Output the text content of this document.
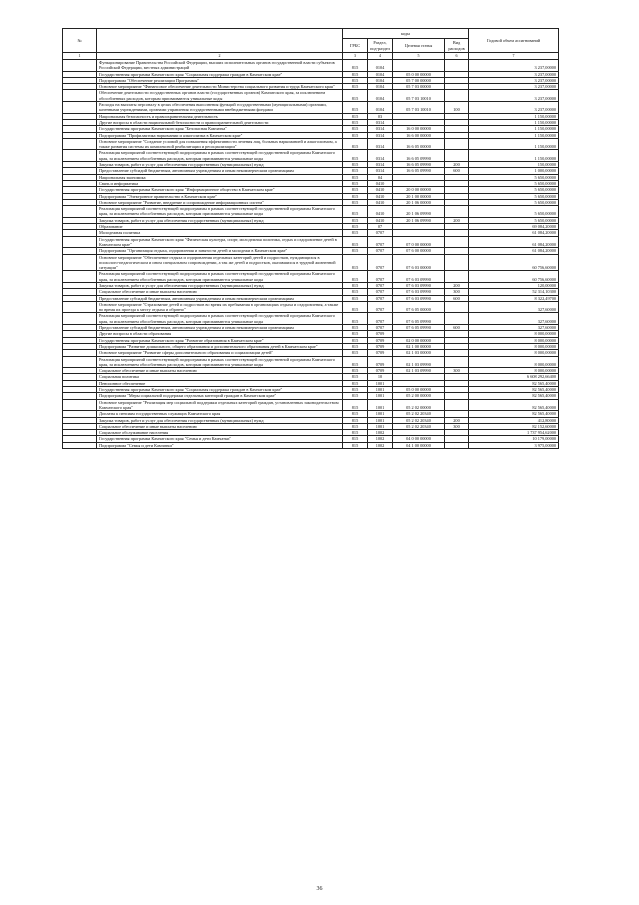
№		коды				Годовой объем ассигнований
		ГРБС	Раздел, под-раздел	Целевая статья	Вид расходов	
1	2	3	4	5	6	7
	Функционирование Правительства Российской Федерации, высших исполнительных органов государственной власти субъектов Российской Федерации, местных администраций	815	0104			3 237,00000
	Государственная программа Камчатского края "Социальная поддержка граждан в Камчатском крае"	815	0104	05 0 00 00000		3 237,00000
	Подпрограмма "Обеспечение реализации Программы"	815	0104	05 7 00 00000		3 237,00000
	Основное мероприятие "Финансовое обеспечение деятельности Министерства социального развития и труда Камчатского края"	815	0104	05 7 03 00000		3 237,00000
	Обеспечение деятельности государственных органов власти (государственных органов) Камчатского края, за исключением обособленных расходов, которым присваиваются уникальные коды	815	0104	05 7 03 10010		3 237,00000
	Расходы на выплаты персоналу в целях обеспечения выполнения функций государственными (муниципальными) органами, казенными учреждениями, органами управления государственными внебюджетными фондами	815	0104	05 7 03 10010	100	3 237,00000
	Национальная безопасность и правоохранительная деятельность	815	03			1 150,00000
	Другие вопросы в области национальной безопасности и правоохранительной деятельности	815	0314			1 150,00000
	Государственная программа Камчатского края "Безопасная Камчатка"	815	0314	16 0 00 00000		1 150,00000
	Подпрограмма "Профилактика наркомании и алкоголизма в Камчатском крае"	815	0314	16 6 00 00000		1 150,00000
	Основное мероприятие "Создание условий для повышения эффективности лечения лиц, больных наркоманией и алкоголизмом, а также развития системы их комплексной реабилитации и ресоциализации"	815	0314	16 6 05 00000		1 150,00000
	Реализация мероприятий соответствующей подпрограммы в рамках соответствующей государственной программы Камчатского края, за исключением обособленных расходов, которым присваиваются уникальные коды	815	0314	16 6 05 09990		1 150,00000
	Закупка товаров, работ и услуг для обеспечения государственных (муниципальных) нужд	815	0314	16 6 05 09990	200	150,00000
	Предоставление субсидий бюджетным, автономным учреждениям и иным некоммерческим организациям	815	0314	16 6 05 09990	600	1 000,00000
	Национальная экономика	815	04			5 650,00000
	Связь и информатика	815	0410			5 650,00000
	Государственная программа Камчатского края "Информационное общество в Камчатском крае"	815	0410	20 0 00 00000		5 650,00000
	Подпрограмма "Электронное правительство в Камчатском крае"	815	0410	20 1 00 00000		5 650,00000
	Основное мероприятие "Развитие, внедрение и сопровождение информационных систем"	815	0410	20 1 06 00000		5 650,00000
	Реализация мероприятий соответствующей подпрограммы в рамках соответствующей государственной программы Камчатского края, за исключением обособленных расходов, которым присваиваются уникальные коды	815	0410	20 1 06 09990		5 650,00000
	Закупка товаров, работ и услуг для обеспечения государственных (муниципальных) нужд	815	0410	20 1 06 09990	200	5 650,00000
	Образование	815	07			69 084,20000
	Молодежная политика	815	0707			61 084,20000
	Государственная программа Камчатского края "Физическая культура, спорт, молодежная политика, отдых и оздоровление детей в Камчатском крае"	815	0707	07 0 00 00000		61 084,20000
	Подпрограмма "Организация отдыха, оздоровления и занятости детей и молодежи в Камчатском крае"	815	0707	07 6 00 00000		61 084,20000
	Основное мероприятие "Обеспечение отдыха и оздоровления отдельных категорий детей и подростков, нуждающихся в психолого-педагогическом и ином специальном сопровождении, а так же детей и подростков, оказавшихся в трудной жизненной ситуации"	815	0707	07 6 03 00000		60 756,60000
	Реализация мероприятий соответствующей подпрограммы в рамках соответствующей государственной программы Камчатского края, за исключением обособленных расходов, которым присваиваются уникальные коды	815	0707	07 6 03 09990		60 756,60000
	Закупка товаров, работ и услуг для обеспечения государственных (муниципальных) нужд	815	0707	07 6 03 09990	200	120,00000
	Социальное обеспечение и иные выплаты населению	815	0707	07 6 03 09990	300	52 314,10300
	Предоставление субсидий бюджетным, автономным учреждениям и иным некоммерческим организациям	815	0707	07 6 03 09990	600	8 322,49700
	Основное мероприятие "Страхование детей и подростков во время их пребывания в организациях отдыха и оздоровления, а также во время их проезда к месту отдыха и обратно"	815	0707	07 6 05 00000		327,60000
	Реализация мероприятий соответствующей подпрограммы в рамках соответствующей государственной программы Камчатского края, за исключением обособленных расходов, которым присваиваются уникальные коды	815	0707	07 6 05 09990		327,60000
	Предоставление субсидий бюджетным, автономным учреждениям и иным некоммерческим организациям	815	0707	07 6 05 09990	600	327,60000
	Другие вопросы в области образования	815	0709			8 000,00000
	Государственная программа Камчатского края "Развитие образования в Камчатском крае"	815	0709	02 0 00 00000		8 000,00000
	Подпрограмма "Развитие дошкольного, общего образования и дополнительного образования детей в Камчатском крае"	815	0709	02 1 00 00000		8 000,00000
	Основное мероприятие "Развитие сферы дополнительного образования и социализации детей"	815	0709	02 1 03 00000		8 000,00000
	Реализация мероприятий соответствующей подпрограммы в рамках соответствующей государственной программы Камчатского края, за исключением обособленных расходов, которым присваиваются уникальные коды	815	0709	02 1 03 09990		8 000,00000
	Социальное обеспечение и иные выплаты населению	815	0709	02 1 03 09990	300	8 000,00000
	Социальная политика	815	10			6 608 292,66400
	Пенсионное обеспечение	815	1001			82 565,40000
	Государственная программа Камчатского края "Социальная поддержка граждан в Камчатском крае"	815	1001	05 0 00 00000		82 565,40000
	Подпрограмма "Меры социальной поддержки отдельных категорий граждан в Камчатском крае"	815	1001	05 2 00 00000		82 565,40000
	Основное мероприятие "Реализация мер социальной поддержки отдельных категорий граждан, установленных законодательством Камчатского края"	815	1001	05 2 02 00000		82 565,40000
	Доплаты к пенсиям государственных служащих Камчатского края	815	1001	05 2 02 20340		82 565,40000
	Закупка товаров, работ и услуг для обеспечения государственных (муниципальных) нужд	815	1001	05 2 02 20340	200	412,80000
	Социальное обеспечение и иные выплаты населению	815	1001	05 2 02 20340	300	82 152,60000
	Социальное обслуживание населения	815	1002			1 737 954,62000
	Государственная программа Камчатского края "Семья и дети Камчатки"	815	1002	04 0 00 00000		10 179,00000
	Подпрограмма "Семья и дети Камчатки"	815	1002	04 1 00 00000		3 975,00000
36
